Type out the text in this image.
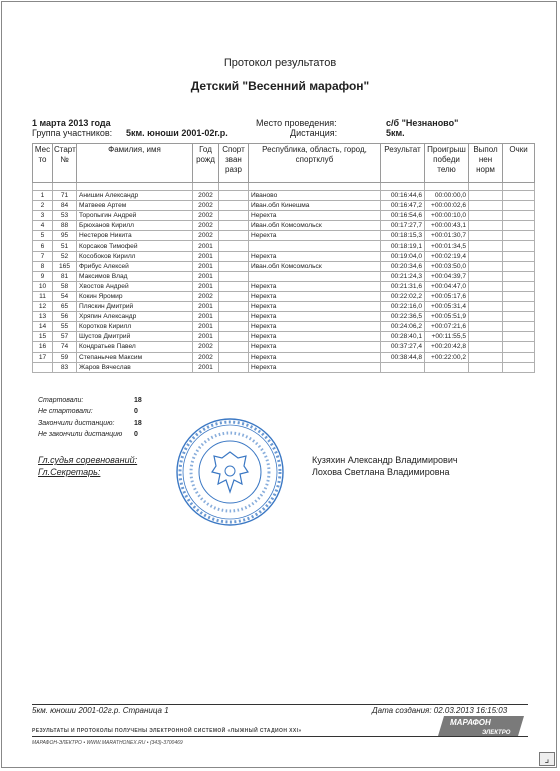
Протокол результатов
Детский "Весенний марафон"
1 марта 2013 года
Группа участников: 5км. юноши 2001-02г.р.
Место проведения:	с/б "Незнаново"
Дистанция:	5км.
Мес то	Старт №	Фамилия, имя	Год рожд	Спорт зван разр	Республика, область, город, спортклуб	Результат	Проигрыш победи телю	Выпол нен норм	Очки

1	71	Анишин Александр	2002		Иваново	00:16:44,6	00:00:00,0		
2	84	Матвеев Артем	2002		Иван.обл Кинешма	00:16:47,2	+00:00:02,6		
3	53	Торопыгин Андрей	2002		Нерехта	00:16:54,6	+00:00:10,0		
4	88	Брюханов Кирилл	2002		Иван.обл Комсомольск	00:17:27,7	+00:00:43,1		
5	95	Нестеров Никита	2002		Нерехта	00:18:15,3	+00:01:30,7		
6	51	Корсаков Тимофей	2001			00:18:19,1	+00:01:34,5		
7	52	Кособоков Кирилл	2001		Нерехта	00:19:04,0	+00:02:19,4		
8	165	Фрибус Алексей	2001		Иван.обл Комсомольск	00:20:34,6	+00:03:50,0		
9	81	Максимов Влад	2001			00:21:24,3	+00:04:39,7		
10	58	Хвостов Андрей	2001		Нерехта	00:21:31,6	+00:04:47,0		
11	54	Кокин Яромир	2002		Нерехта	00:22:02,2	+00:05:17,6		
12	65	Пляскин Дмитрий	2001		Нерехта	00:22:16,0	+00:05:31,4		
13	56	Хряпин Александр	2001		Нерехта	00:22:36,5	+00:05:51,9		
14	55	Коротков Кирилл	2001		Нерехта	00:24:06,2	+00:07:21,6		
15	57	Шустов Дмитрий	2001		Нерехта	00:28:40,1	+00:11:55,5		
16	74	Кондратьев Павел	2002		Нерехта	00:37:27,4	+00:20:42,8		
17	59	Степанычев Максим	2002		Нерехта	00:38:44,8	+00:22:00,2		
	83	Жаров Вячеслав	2001		Нерехта				
Стартовали:	18
Не стартовали:	0
Закончили дистанцию:	18
Не закончили дистанцию 0
Гл.судья соревнований:
Гл.Секретарь:
Кузяхин Александр Владимирович
Лохова Светлана Владимировна
5км. юноши 2001-02г.р. Страница 1	Дата создания: 02.03.2013 16:15:03
РЕЗУЛЬТАТЫ И ПРОТОКОЛЫ ПОЛУЧЕНЫ ЭЛЕКТРОННОЙ СИСТЕМОЙ «ЛЫЖНЫЙ СТАДИОН XXI»
МАРАФОН-ЭЛЕКТРО • WWW.MARATHONEX.RU • (343)-3700469
МАРАФОН
ЭЛЕКТРО
⌟
